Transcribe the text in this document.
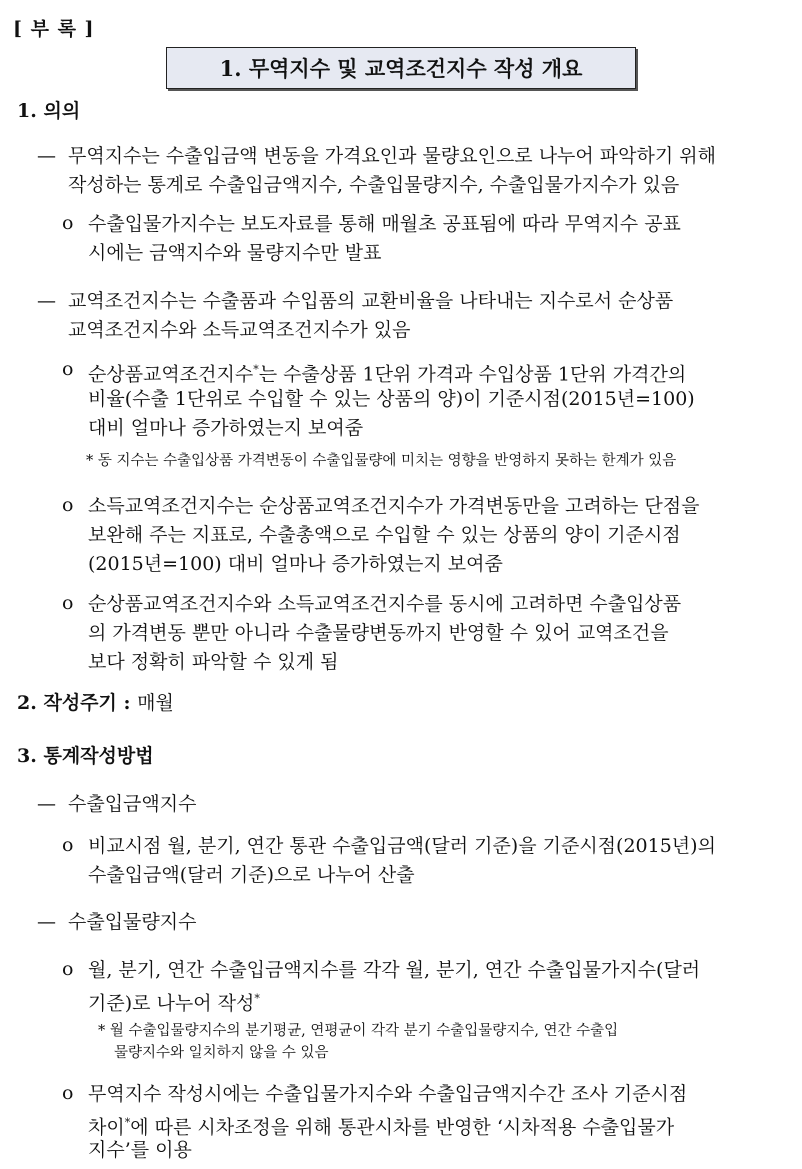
[ 부 록 ]
1. 무역지수 및 교역조건지수 작성 개요
1. 의의
— 무역지수는 수출입금액 변동을 가격요인과 물량요인으로 나누어 파악하기 위해
작성하는 통계로 수출입금액지수, 수출입물량지수, 수출입물가지수가 있음
o 수출입물가지수는 보도자료를 통해 매월초 공표됨에 따라 무역지수 공표
시에는 금액지수와 물량지수만 발표
— 교역조건지수는 수출품과 수입품의 교환비율을 나타내는 지수로서 순상품
교역조건지수와 소득교역조건지수가 있음
o 순상품교역조건지수*는 수출상품 1단위 가격과 수입상품 1단위 가격간의
비율(수출 1단위로 수입할 수 있는 상품의 양)이 기준시점(2015년=100)
대비 얼마나 증가하였는지 보여줌
* 동 지수는 수출입상품 가격변동이 수출입물량에 미치는 영향을 반영하지 못하는 한계가 있음
o 소득교역조건지수는 순상품교역조건지수가 가격변동만을 고려하는 단점을
보완해 주는 지표로, 수출총액으로 수입할 수 있는 상품의 양이 기준시점
(2015년=100) 대비 얼마나 증가하였는지 보여줌
o 순상품교역조건지수와 소득교역조건지수를 동시에 고려하면 수출입상품
의 가격변동 뿐만 아니라 수출물량변동까지 반영할 수 있어 교역조건을
보다 정확히 파악할 수 있게 됨
2. 작성주기 : 매월
3. 통계작성방법
— 수출입금액지수
o 비교시점 월, 분기, 연간 통관 수출입금액(달러 기준)을 기준시점(2015년)의
수출입금액(달러 기준)으로 나누어 산출
— 수출입물량지수
o 월, 분기, 연간 수출입금액지수를 각각 월, 분기, 연간 수출입물가지수(달러
기준)로 나누어 작성*
* 월 수출입물량지수의 분기평균, 연평균이 각각 분기 수출입물량지수, 연간 수출입
물량지수와 일치하지 않을 수 있음
o 무역지수 작성시에는 수출입물가지수와 수출입금액지수간 조사 기준시점
차이*에 따른 시차조정을 위해 통관시차를 반영한 ‘시차적용 수출입물가
지수’를 이용
